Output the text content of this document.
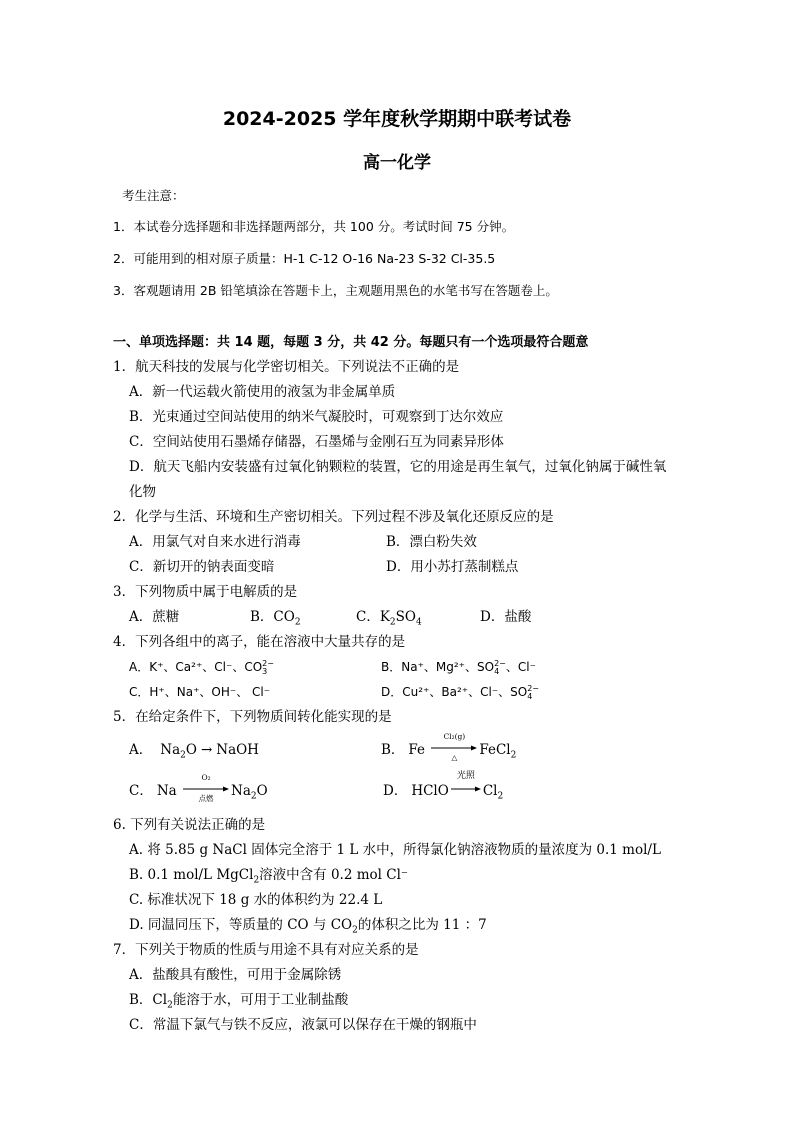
2024-2025 学年度秋学期期中联考试卷
高一化学
考生注意：
1．本试卷分选择题和非选择题两部分，共 100 分。考试时间 75 分钟。
2．可能用到的相对原子质量：H-1 C-12 O-16 Na-23 S-32 Cl-35.5
3．客观题请用 2B 铅笔填涂在答题卡上，主观题用黑色的水笔书写在答题卷上。
一、单项选择题：共 14 题，每题 3 分，共 42 分。每题只有一个选项最符合题意
1．航天科技的发展与化学密切相关。下列说法不正确的是
A．新一代运载火箭使用的液氢为非金属单质
B．光束通过空间站使用的纳米气凝胶时，可观察到丁达尔效应
C．空间站使用石墨烯存储器，石墨烯与金刚石互为同素异形体
D．航天飞船内安装盛有过氧化钠颗粒的装置，它的用途是再生氧气，过氧化钠属于碱性氧
化物
2．化学与生活、环境和生产密切相关。下列过程不涉及氧化还原反应的是
A．用氯气对自来水进行消毒	B．漂白粉失效
C．新切开的钠表面变暗	D．用小苏打蒸制糕点
3．下列物质中属于电解质的是
A．蔗糖	B．$CO_2$	C．$K_2SO_4$	D．盐酸
4．下列各组中的离子，能在溶液中大量共存的是
A．K⁺、Ca²⁺、Cl⁻、CO 2−
3	B．Na⁺、Mg²⁺、SO 2−
4 、Cl⁻
C．H⁺、Na⁺、OH⁻、 Cl⁻	D．Cu²⁺、Ba²⁺、Cl⁻、SO 2−
4
5．在给定条件下，下列物质间转化能实现的是
A． $Na_2O$ → NaOH	B． Fe
Cl₂(g)
△	FeCl$_2$
C． Na
O₂
点燃	$Na_2O$	D． HClO
光照
$Cl_2$
6. 下列有关说法正确的是
A. 将 5.85 g NaCl 固体完全溶于 1 L 水中，所得氯化钠溶液物质的量浓度为 0.1 mol/L
B. 0.1 mol/L MgCl$_2$溶液中含有 0.2 mol Cl⁻
C. 标准状况下 18 g 水的体积约为 22.4 L
D. 同温同压下，等质量的 CO 与 $CO_2$的体积之比为 11 ：7
7．下列关于物质的性质与用途不具有对应关系的是
A．盐酸具有酸性，可用于金属除锈
B．$Cl_2$能溶于水，可用于工业制盐酸
C．常温下氯气与铁不反应，液氯可以保存在干燥的钢瓶中
